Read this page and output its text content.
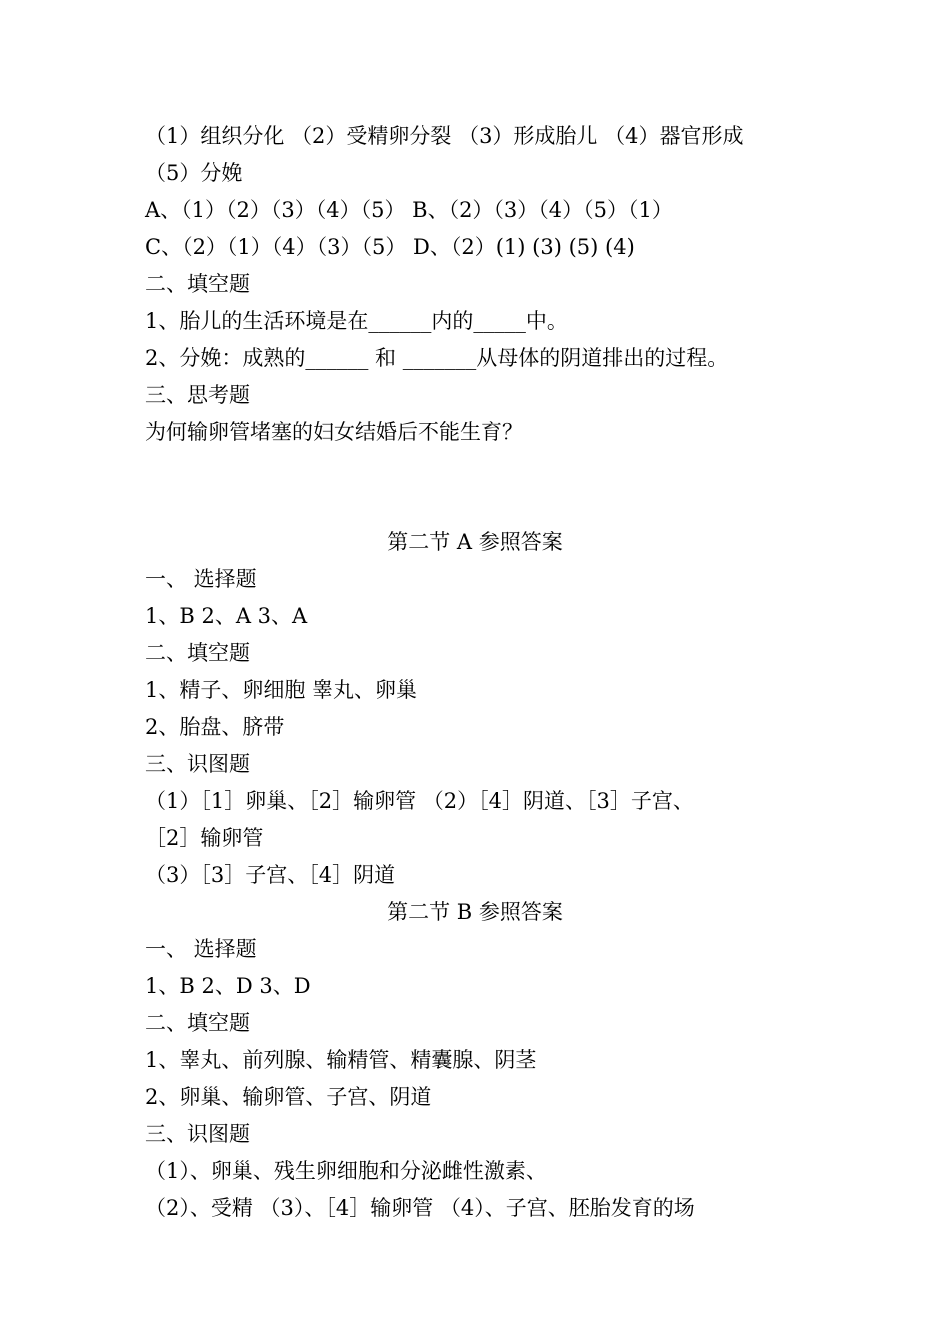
（1）组织分化 （2）受精卵分裂 （3）形成胎儿 （4）器官形成
（5）分娩
A、（1）（2）（3）（4）（5） B、（2）（3）（4）（5）（1）
C、（2）（1）（4）（3）（5） D、（2）(1) (3) (5) (4)
二、填空题
1、胎儿的生活环境是在______内的_____中。
2、分娩：成熟的______ 和 _______从母体的阴道排出的过程。
三、思考题
为何输卵管堵塞的妇女结婚后不能生育？
第二节 A 参照答案
一、 选择题
1、B 2、A 3、A
二、填空题
1、精子、卵细胞 睾丸、卵巢
2、胎盘、脐带
三、识图题
（1）［1］卵巢、［2］输卵管 （2）［4］阴道、［3］子宫、
［2］输卵管
（3）［3］子宫、［4］阴道
第二节 B 参照答案
一、 选择题
1、B 2、D 3、D
二、填空题
1、睾丸、前列腺、输精管、精囊腺、阴茎
2、卵巢、输卵管、子宫、阴道
三、识图题
（1）、卵巢、残生卵细胞和分泌雌性激素、
（2）、受精 （3）、［4］输卵管 （4）、子宫、胚胎发育的场
